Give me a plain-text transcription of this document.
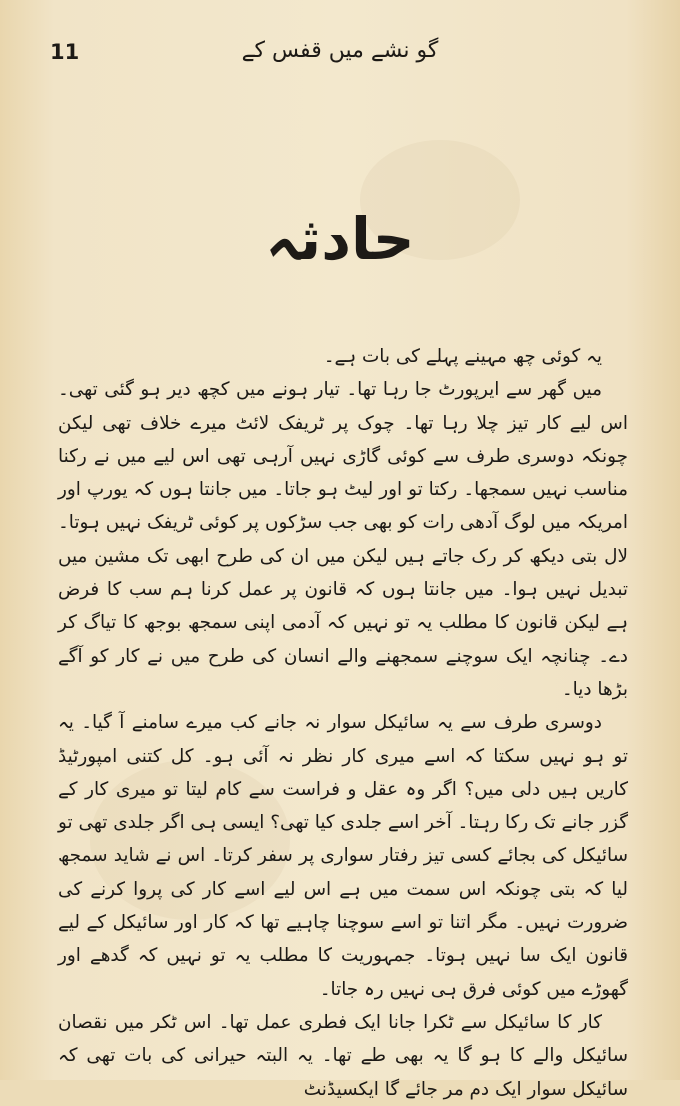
11	گو نشے میں قفس کے
حادثہ

یہ کوئی چھ مہینے پہلے کی بات ہے۔

میں گھر سے ایرپورٹ جا رہا تھا۔ تیار ہونے میں کچھ دیر ہو گئی تھی۔ اس لیے کار تیز چلا رہا تھا۔ چوک پر ٹریفک لائٹ میرے خلاف تھی لیکن چونکہ دوسری طرف سے کوئی گاڑی نہیں آرہی تھی اس لیے میں نے رکنا مناسب نہیں سمجھا۔ رکتا تو اور لیٹ ہو جاتا۔ میں جانتا ہوں کہ یورپ اور امریکہ میں لوگ آدھی رات کو بھی جب سڑکوں پر کوئی ٹریفک نہیں ہوتا۔ لال بتی دیکھ کر رک جاتے ہیں لیکن میں ان کی طرح ابھی تک مشین میں تبدیل نہیں ہوا۔ میں جانتا ہوں کہ قانون پر عمل کرنا ہم سب کا فرض ہے لیکن قانون کا مطلب یہ تو نہیں کہ آدمی اپنی سمجھ بوجھ کا تیاگ کر دے۔ چنانچہ ایک سوچنے سمجھنے والے انسان کی طرح میں نے کار کو آگے بڑھا دیا۔

دوسری طرف سے یہ سائیکل سوار نہ جانے کب میرے سامنے آ گیا۔ یہ تو ہو نہیں سکتا کہ اسے میری کار نظر نہ آئی ہو۔ کل کتنی امپورٹیڈ کاریں ہیں دلی میں؟ اگر وہ عقل و فراست سے کام لیتا تو میری کار کے گزر جانے تک رکا رہتا۔ آخر اسے جلدی کیا تھی؟ ایسی ہی اگر جلدی تھی تو سائیکل کی بجائے کسی تیز رفتار سواری پر سفر کرتا۔ اس نے شاید سمجھ لیا کہ بتی چونکہ اس سمت میں ہے اس لیے اسے کار کی پروا کرنے کی ضرورت نہیں۔ مگر اتنا تو اسے سوچنا چاہیے تھا کہ کار اور سائیکل کے لیے قانون ایک سا نہیں ہوتا۔ جمہوریت کا مطلب یہ تو نہیں کہ گدھے اور گھوڑے میں کوئی فرق ہی نہیں رہ جاتا۔

کار کا سائیکل سے ٹکرا جانا ایک فطری عمل تھا۔ اس ٹکر میں نقصان سائیکل والے کا ہو گا یہ بھی طے تھا۔ یہ البتہ حیرانی کی بات تھی کہ سائیکل سوار ایک دم مر جائے گا ایکسیڈنٹ
